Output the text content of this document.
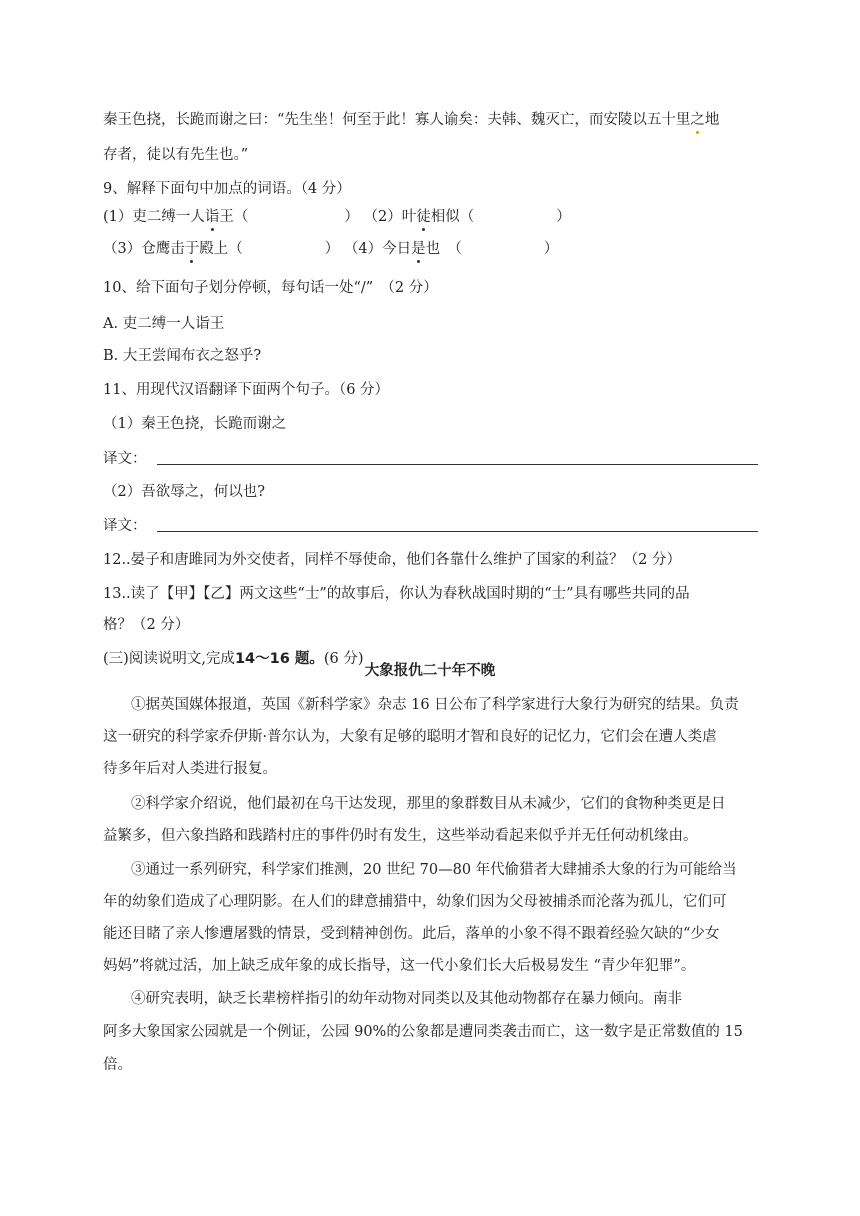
秦王色挠，长跪而谢之曰：“先生坐！何至于此！寡人谕矣：夫韩、魏灭亡，而安陵以五十里之地
存者，徒以有先生也。”
9、解释下面句中加点的词语。（4 分）
(1）吏二缚一人诣王（	） （2）叶徒相似（	）
（3）仓鹰击于殿上（	） （4）今日是也　（	）
10、给下面句子划分停顿，每句话一处“/”　（2 分）
A. 吏二缚一人诣王
B. 大王尝闻布衣之怒乎?
11、用现代汉语翻译下面两个句子。（6 分）
（1）秦王色挠，长跪而谢之
译文：
（2）吾欲辱之，何以也?
译文：
12..晏子和唐雎同为外交使者，同样不辱使命，他们各靠什么维护了国家的利益？（2 分）
13..读了【甲】【乙】两文这些“士”的故事后，你认为春秋战国时期的“士”具有哪些共同的品
格？（2 分）
(三)阅读说明文,完成14～16 题。(6 分)
大象报仇二十年不晚
①据英国媒体报道，英国《新科学家》杂志 16 日公布了科学家进行大象行为研究的结果。负责
这一研究的科学家乔伊斯·普尔认为，大象有足够的聪明才智和良好的记忆力，它们会在遭人类虐
待多年后对人类进行报复。
②科学家介绍说，他们最初在乌干达发现，那里的象群数目从未减少，它们的食物种类更是日
益繁多，但六象挡路和践踏村庄的事件仍时有发生，这些举动看起来似乎并无任何动机缘由。
③通过一系列研究，科学家们推测，20 世纪 70—80 年代偷猎者大肆捕杀大象的行为可能给当
年的幼象们造成了心理阴影。在人们的肆意捕猎中，幼象们因为父母被捕杀而沦落为孤儿，它们可
能还目睹了亲人惨遭屠戮的情景，受到精神创伤。此后，落单的小象不得不跟着经验欠缺的“少女
妈妈”将就过活，加上缺乏成年象的成长指导，这一代小象们长大后极易发生 “青少年犯罪”。
④研究表明，缺乏长辈榜样指引的幼年动物对同类以及其他动物都存在暴力倾向。南非
阿多大象国家公园就是一个例证，公园 90%的公象都是遭同类袭击而亡，这一数字是正常数值的 15
倍。
